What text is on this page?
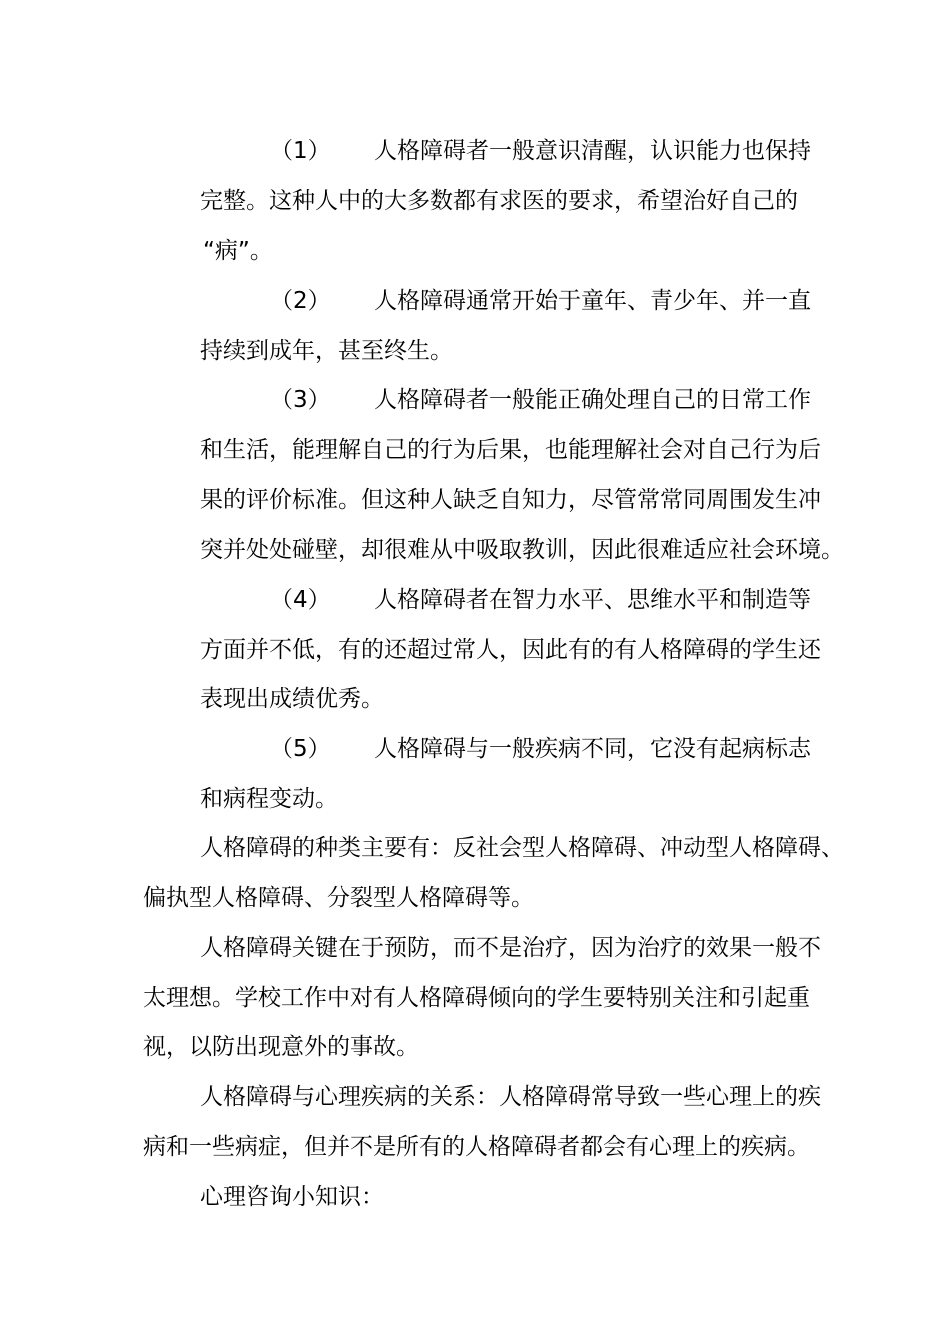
（1） 人格障碍者一般意识清醒，认识能力也保持
完整。这种人中的大多数都有求医的要求，希望治好自己的
“病”。
（2） 人格障碍通常开始于童年、青少年、并一直
持续到成年，甚至终生。
（3） 人格障碍者一般能正确处理自己的日常工作
和生活，能理解自己的行为后果，也能理解社会对自己行为后
果的评价标准。但这种人缺乏自知力，尽管常常同周围发生冲
突并处处碰壁，却很难从中吸取教训，因此很难适应社会环境。
（4） 人格障碍者在智力水平、思维水平和制造等
方面并不低，有的还超过常人，因此有的有人格障碍的学生还
表现出成绩优秀。
（5） 人格障碍与一般疾病不同，它没有起病标志
和病程变动。
人格障碍的种类主要有：反社会型人格障碍、冲动型人格障碍、
偏执型人格障碍、分裂型人格障碍等。
人格障碍关键在于预防，而不是治疗，因为治疗的效果一般不
太理想。学校工作中对有人格障碍倾向的学生要特别关注和引起重
视，以防出现意外的事故。
人格障碍与心理疾病的关系：人格障碍常导致一些心理上的疾
病和一些病症，但并不是所有的人格障碍者都会有心理上的疾病。
心理咨询小知识：
